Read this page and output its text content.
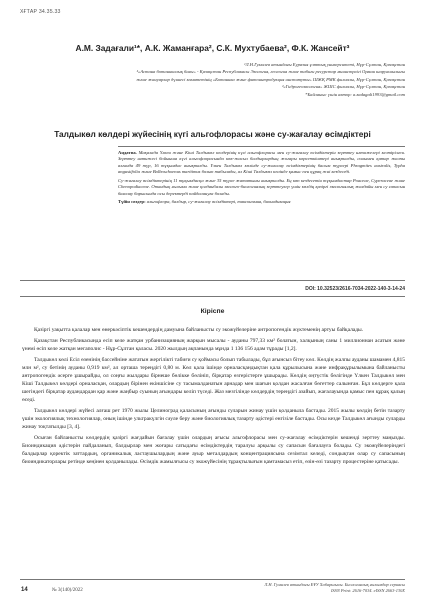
ХҒТАР 34.35.33
А.М. Задағали¹*, А.К. Жаманғара², С.К. Мухтубаева², Ф.К. Жансейт³
¹Л.Н.Гумилев атындағы Еуразия ұлттық университеті, Нұр-Сұлтан, Қазақстан
²«Астана ботаникалық бағы» - Қазақстан Республикасы Экология, геология және табиғи ресурстар министрлігі Орман шаруашылығы
және жануарлар дүниесі комитетінің «Ботаника және фитоинтродукция институты» ШЖҚ РМК филиалы, Нұр-Сұлтан, Қазақстан
³«Гидрогеоэкология» ЖШС филиалы, Нұр-Сұлтан, Қазақстан
*Байланыс үшін автор: a.zadagali1993@gmail.com
Талдыкөл көлдері жүйесінің күгі альгофлорасы және су-жағалау өсімдіктері
Аңдатпа. Мақалада Үлкен және Кіші Талдыкөл көлдерінің күгі альгофлорасы мен су-жағалау өсімдіктерін зерттеу нәтижелері келтірілген. Зерттеу нәтижесі бойынша күгі альгофлорасында көк-жасыл балдырлардың жоғары көрсеткіштері анықталды, сонымен қатар жалпы алғанда 49 түр, 16 тұқымдас анықталды. Үлкен Талдыкөл көлінде су-жағалау өсімдіктерінің басым түрлері Phragmites australis, Typha angustifolia және Bolboschoenus maritimus болып табылады, ал Кіші Талдыкөл көлінде қамыс пен құрақ жиі кездеседі.
Су-жағалау өсімдіктерінің 11 тұқымдасқа және 35 түрге жататыны анықталды. Ең көп кездесетін тұқымдастар Poaceae, Cyperaceae және Chenopodiaceae. Отандық ғылыми және қолданбалы эколого-биологиялық зерттеулер үшін көлдің қазіргі экологиялық жағдайы мен су сапасын бағалау барысында осы деректерді пайдалануға болады.
Түйін сөздер: альгофлора, балдыр, су-жағалау өсімдіктері, таксономия, биоиндикация
DOI: 10.32523/2616-7034-2022-140-3-14-24
Кіріспе

Қазіргі уақытта қалалар мен өнеркәсіптік кешендердің дамуына байланысты су экожүйелеріне антропогендік жүктеменің артуы байқалады.

Қазақстан Республикасында есіп келе жатқан урбанизацияның жарқын мысалы - ауданы 797,33 км² болатын, халқының саны 1 миллионнан асатын және үнемі өсіп келе жатқан мегаполис - Нұр-Сұлтан қаласы. 2020 жылдың ақпанында мұнда 1 136 156 адам тұрады [1,2].

Талдыкөл көлі Есіл өзенінің бассейніне жататын жергілікті табиғи су қоймасы болып табылады, бұл ағынсыз бітеу көл. Көлдің жалпы ауданы шамамен 4,815 млн м², су бетінің ауданы 0,919 км², ал орташа тереңдігі 0,80 м. Көл қала ішінде орналасқандықтан қала құрылысына және инфрақұрылымына байланысты антропогендік әсерге ұшырайды, ол соңғы жылдары бірнеше бөлікке бөлініп, бірқатар өзгерістерге ұшырады. Көлдің оңтүстік бөлігінде Үлкен Талдыкөл мен Кіші Талдыкөл көлдері орналасқан, олардың бірінен екіншісіне су тасымалданатын арнадар мен шағын қолдан жасалған бөгеттер салынған. Бұл көлдерге қала шегіндегі бірқатар аудандардан қар және жаңбыр суының ағындары келіп түседі. Жаз мезгілінде көлдердің тереңдігі азайып, жағалауында қамыс пен құрақ қалың өседі.

Талдыкөл көлдері жүйесі алғаш рет 1970 жылы Целиноград қаласының ағынды суларын жинау үшін қолданыла бастады. 2015 жылы көлдің бетін тазарту үшін экологиялық технологиялар, оның ішінде ультракүлгін сәуле беру және биологиялық тазарту әдістері енгізіле бастады. Осы кезде Талдыкөл ағынды суларды жинау тоқтатылды [3, 4].

Осыған байланысты көлдердің қазіргі жағдайын бағалау үшін олардың ағысы альгофлорасы мен су-жағалау өсімдіктерін кешенді зерттеу маңызды. Биоиндикация әдістерін пайдаланып, балдырлар мен жоғары сатыдағы өсімдіктердің таралуы арқылы су сапасын бағалауға болады. Су экожүйелеріндегі балдырлар қоректік заттардың, органикалық ластаушылардың және ауыр металдардың концентрациясына сезімтал келеді, сондықтан олар су сапасының биоиндикаторлары ретінде кеңінен қолданылады. Өсімдік жамылғысы су экожүйесінің тұрақтылығын қамтамасыз етіп, өзін-өзі тазарту процестеріне қатысады.

14	№ 3(140)/2022
Л.Н. Гумилев атындағы ЕҰУ Хабаршысы. Биологиялық ғылымдар сериясы
ISSN Print: 2616-7034. eISSN 2663-130X
